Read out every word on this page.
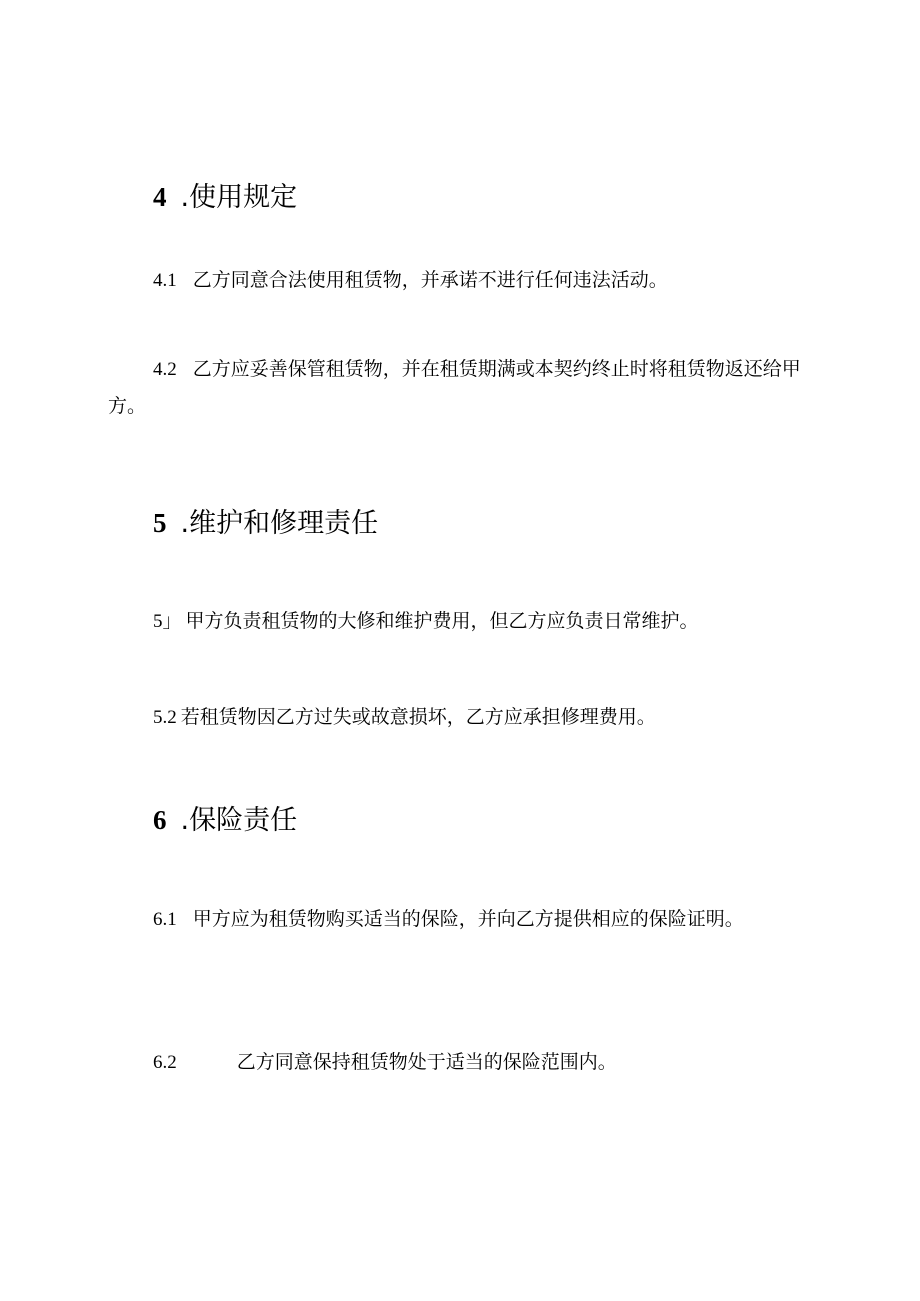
4 .使用规定
4.1 乙方同意合法使用租赁物，并承诺不进行任何违法活动。
4.2 乙方应妥善保管租赁物，并在租赁期满或本契约终止时将租赁物返还给甲方。
5 .维护和修理责任
5」 甲方负责租赁物的大修和维护费用，但乙方应负责日常维护。
5.2 若租赁物因乙方过失或故意损坏，乙方应承担修理费用。
6 .保险责任
6.1 甲方应为租赁物购买适当的保险，并向乙方提供相应的保险证明。
6.2	乙方同意保持租赁物处于适当的保险范围内。
